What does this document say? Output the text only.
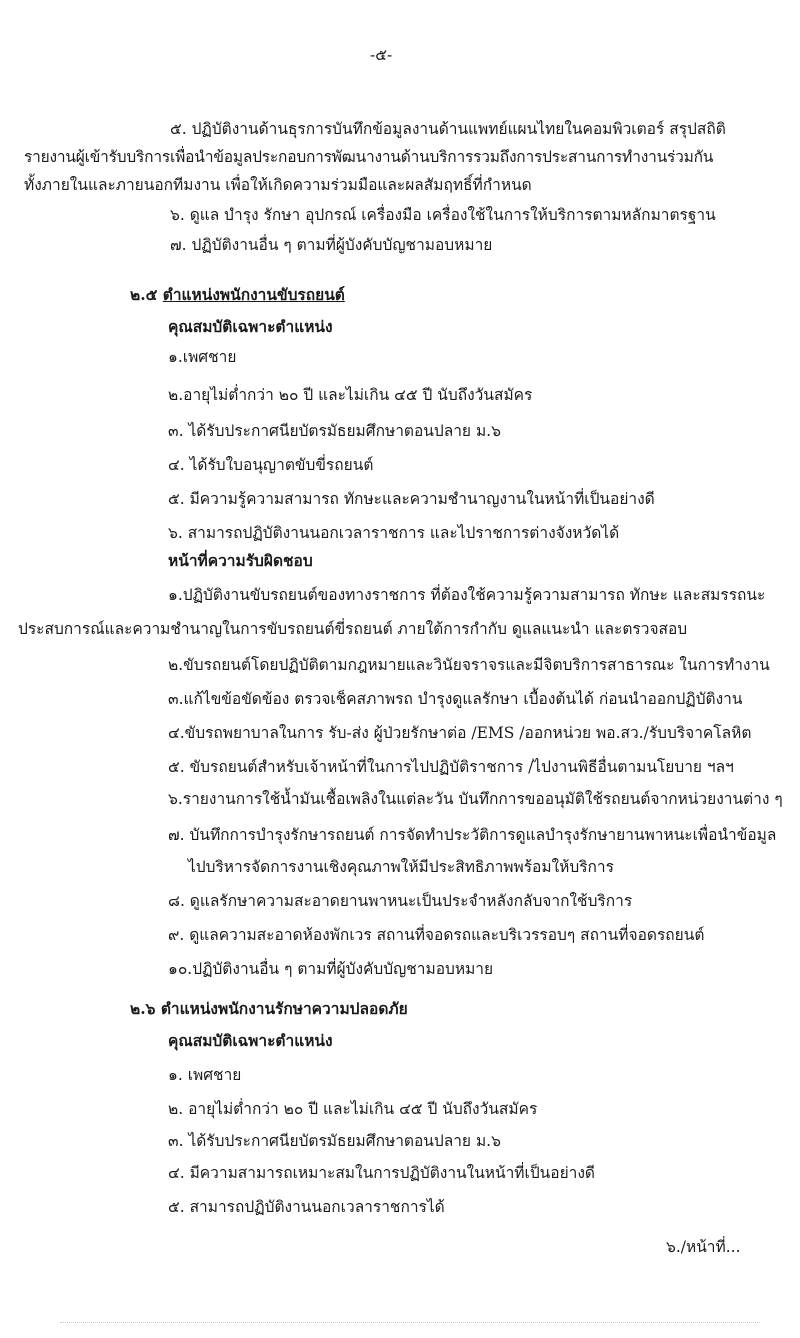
-๕-
๕. ปฏิบัติงานด้านธุรการบันทึกข้อมูลงานด้านแพทย์แผนไทยในคอมพิวเตอร์ สรุปสถิติ
รายงานผู้เข้ารับบริการเพื่อนำข้อมูลประกอบการพัฒนางานด้านบริการรวมถึงการประสานการทำงานร่วมกัน
ทั้งภายในและภายนอกทีมงาน เพื่อให้เกิดความร่วมมือและผลสัมฤทธิ์ที่กำหนด
๖. ดูแล บำรุง รักษา อุปกรณ์ เครื่องมือ เครื่องใช้ในการให้บริการตามหลักมาตรฐาน
๗. ปฏิบัติงานอื่น ๆ ตามที่ผู้บังคับบัญชามอบหมาย
๒.๕ ตำแหน่งพนักงานขับรถยนต์
คุณสมบัติเฉพาะตำแหน่ง
๑.เพศชาย
๒.อายุไม่ต่ำกว่า ๒๐ ปี และไม่เกิน ๔๕ ปี นับถึงวันสมัคร
๓. ได้รับประกาศนียบัตรมัธยมศึกษาตอนปลาย ม.๖
๔. ได้รับใบอนุญาตขับขี่รถยนต์
๕. มีความรู้ความสามารถ ทักษะและความชำนาญงานในหน้าที่เป็นอย่างดี
๖. สามารถปฏิบัติงานนอกเวลาราชการ และไปราชการต่างจังหวัดได้
หน้าที่ความรับผิดชอบ
๑.ปฏิบัติงานขับรถยนต์ของทางราชการ ที่ต้องใช้ความรู้ความสามารถ ทักษะ และสมรรถนะ
ประสบการณ์และความชำนาญในการขับรถยนต์ขี่รถยนต์ ภายใต้การกำกับ ดูแลแนะนำ และตรวจสอบ
๒.ขับรถยนต์โดยปฏิบัติตามกฎหมายและวินัยจราจรและมีจิตบริการสาธารณะ ในการทำงาน
๓.แก้ไขข้อขัดข้อง ตรวจเช็คสภาพรถ บำรุงดูแลรักษา เบื้องต้นได้ ก่อนนำออกปฏิบัติงาน
๔.ขับรถพยาบาลในการ รับ-ส่ง ผู้ป่วยรักษาต่อ /EMS /ออกหน่วย พอ.สว./รับบริจาคโลหิต
๕. ขับรถยนต์สำหรับเจ้าหน้าที่ในการไปปฏิบัติราชการ /ไปงานพิธีอื่นตามนโยบาย ฯลฯ
๖.รายงานการใช้น้ำมันเชื้อเพลิงในแต่ละวัน บันทึกการขออนุมัติใช้รถยนต์จากหน่วยงานต่าง ๆ
๗. บันทึกการบำรุงรักษารถยนต์ การจัดทำประวัติการดูแลบำรุงรักษายานพาหนะเพื่อนำข้อมูล
ไปบริหารจัดการงานเชิงคุณภาพให้มีประสิทธิภาพพร้อมให้บริการ
๘. ดูแลรักษาความสะอาดยานพาหนะเป็นประจำหลังกลับจากใช้บริการ
๙. ดูแลความสะอาดห้องพักเวร สถานที่จอดรถและบริเวรรอบๆ สถานที่จอดรถยนต์
๑๐.ปฏิบัติงานอื่น ๆ ตามที่ผู้บังคับบัญชามอบหมาย
๒.๖ ตำแหน่งพนักงานรักษาความปลอดภัย
คุณสมบัติเฉพาะตำแหน่ง
๑. เพศชาย
๒. อายุไม่ต่ำกว่า ๒๐ ปี และไม่เกิน ๔๕ ปี นับถึงวันสมัคร
๓. ได้รับประกาศนียบัตรมัธยมศึกษาตอนปลาย ม.๖
๔. มีความสามารถเหมาะสมในการปฏิบัติงานในหน้าที่เป็นอย่างดี
๕. สามารถปฏิบัติงานนอกเวลาราชการได้
๖./หน้าที่...
